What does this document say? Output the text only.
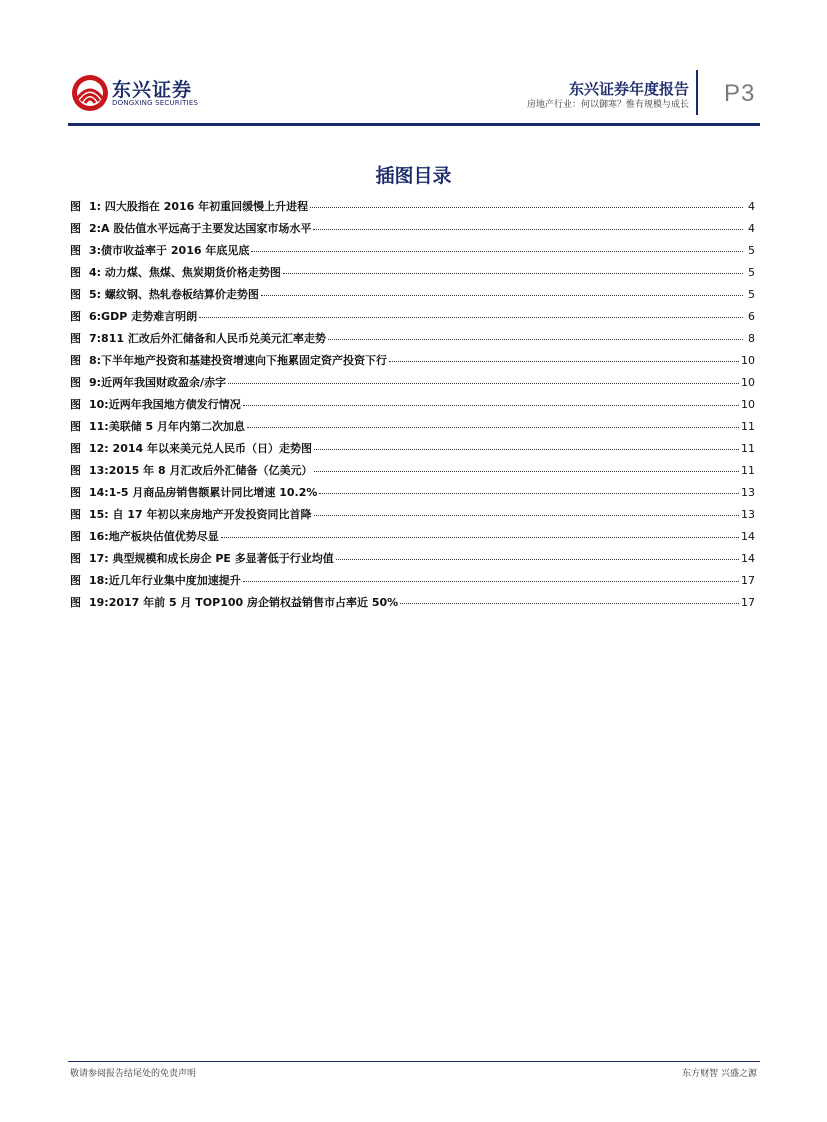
东兴证券
DONGXING SECURITIES
东兴证券年度报告
房地产行业：何以御寒？惟有规模与成长 P3
插图目录
图 1: 四大股指在 2016 年初重回缓慢上升进程	4
图 2:A 股估值水平远高于主要发达国家市场水平	4
图 3:债市收益率于 2016 年底见底	5
图 4: 动力煤、焦煤、焦炭期货价格走势图	5
图 5: 螺纹钢、热轧卷板结算价走势图	5
图 6:GDP 走势难言明朗	6
图 7:811 汇改后外汇储备和人民币兑美元汇率走势	8
图 8:下半年地产投资和基建投资增速向下拖累固定资产投资下行	10
图 9:近两年我国财政盈余/赤字	10
图 10:近两年我国地方债发行情况	10
图 11:美联储 5 月年内第二次加息	11
图 12: 2014 年以来美元兑人民币（日）走势图	11
图 13:2015 年 8 月汇改后外汇储备（亿美元）	11
图 14:1-5 月商品房销售额累计同比增速 10.2%	13
图 15: 自 17 年初以来房地产开发投资同比首降	13
图 16:地产板块估值优势尽显	14
图 17: 典型规模和成长房企 PE 多显著低于行业均值	14
图 18:近几年行业集中度加速提升	17
图 19:2017 年前 5 月 TOP100 房企销权益销售市占率近 50%	17
敬请参阅报告结尾处的免责声明	东方财智 兴盛之源
